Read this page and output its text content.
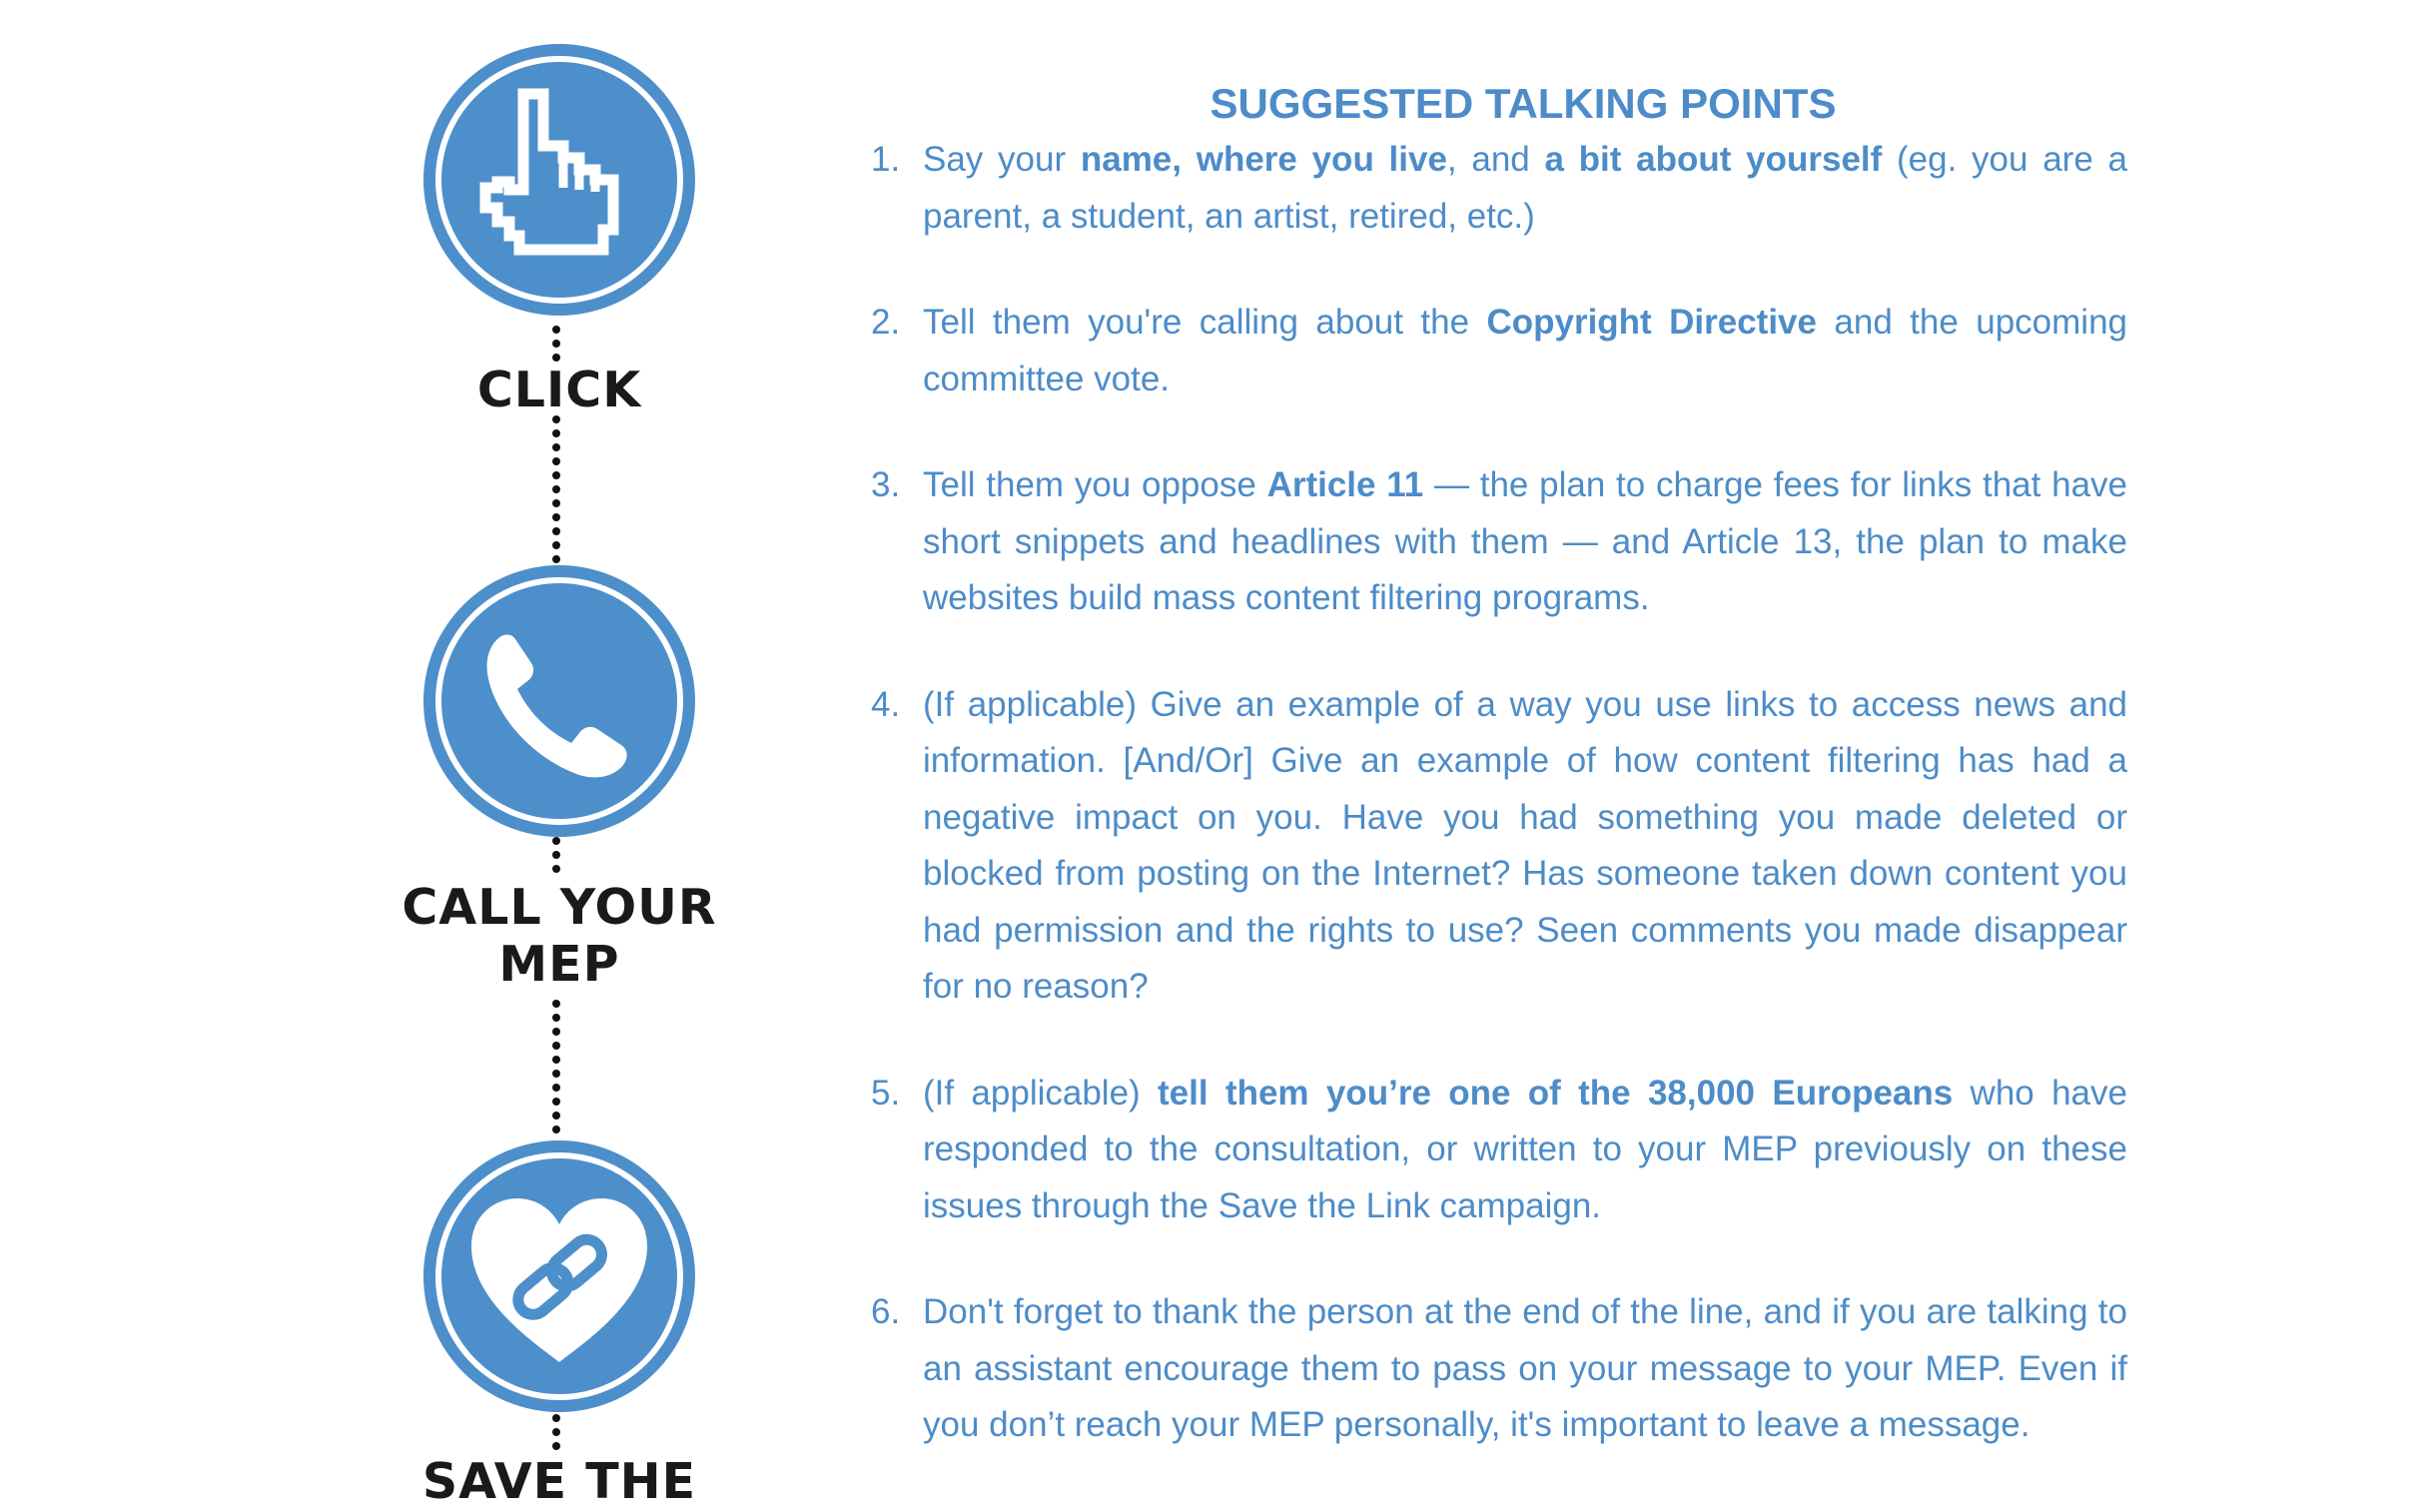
CLICK
CALL YOUR
MEP
SAVE THE
SUGGESTED TALKING POINTS
1. Say your name, where you live, and a bit about yourself (eg. you are a parent, a student, an artist, retired, etc.)
2. Tell them you're calling about the Copyright Directive and the upcoming committee vote.
3. Tell them you oppose Article 11 — the plan to charge fees for links that have short snippets and headlines with them — and Article 13, the plan to make websites build mass content filtering programs.
4. (If applicable) Give an example of a way you use links to access news and information. [And/Or] Give an example of how content filtering has had a negative impact on you. Have you had something you made deleted or blocked from posting on the Internet? Has someone taken down content you had permission and the rights to use? Seen comments you made disappear for no reason?
5. (If applicable) tell them you’re one of the 38,000 Europeans who have responded to the consultation, or written to your MEP previously on these issues through the Save the Link campaign.
6. Don't forget to thank the person at the end of the line, and if you are talking to an assistant encourage them to pass on your message to your MEP. Even if you don’t reach your MEP personally, it's important to leave a message.
